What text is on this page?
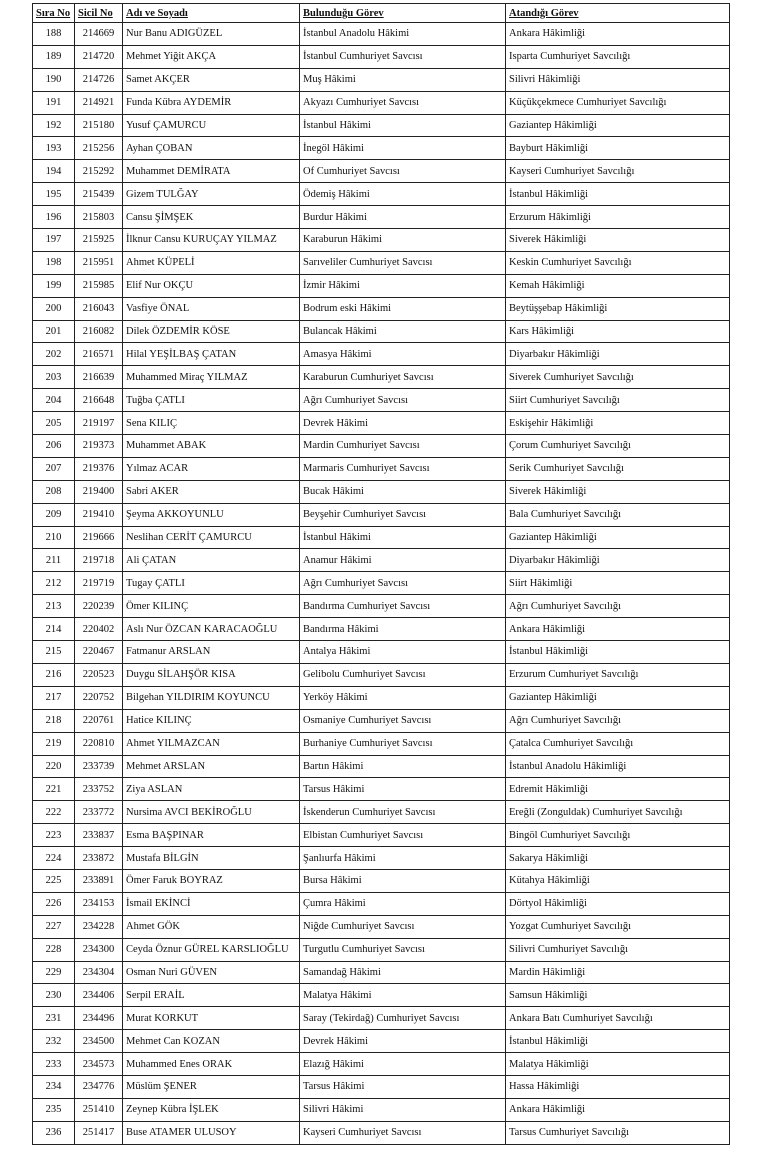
Sıra No	Sicil No	Adı ve Soyadı	Bulunduğu Görev	Atandığı Görev
188	214669	Nur Banu ADIGÜZEL	İstanbul Anadolu Hâkimi	Ankara Hâkimliği
189	214720	Mehmet Yiğit AKÇA	İstanbul Cumhuriyet Savcısı	Isparta Cumhuriyet Savcılığı
190	214726	Samet AKÇER	Muş Hâkimi	Silivri Hâkimliği
191	214921	Funda Kübra AYDEMİR	Akyazı Cumhuriyet Savcısı	Küçükçekmece Cumhuriyet Savcılığı
192	215180	Yusuf ÇAMURCU	İstanbul Hâkimi	Gaziantep Hâkimliği
193	215256	Ayhan ÇOBAN	İnegöl Hâkimi	Bayburt Hâkimliği
194	215292	Muhammet DEMİRATA	Of Cumhuriyet Savcısı	Kayseri Cumhuriyet Savcılığı
195	215439	Gizem TULĞAY	Ödemiş Hâkimi	İstanbul Hâkimliği
196	215803	Cansu ŞİMŞEK	Burdur Hâkimi	Erzurum Hâkimliği
197	215925	İlknur Cansu KURUÇAY YILMAZ	Karaburun Hâkimi	Siverek Hâkimliği
198	215951	Ahmet KÜPELİ	Sarıveliler Cumhuriyet Savcısı	Keskin Cumhuriyet Savcılığı
199	215985	Elif Nur OKÇU	İzmir Hâkimi	Kemah Hâkimliği
200	216043	Vasfiye ÖNAL	Bodrum eski Hâkimi	Beytüşşebap Hâkimliği
201	216082	Dilek ÖZDEMİR KÖSE	Bulancak Hâkimi	Kars Hâkimliği
202	216571	Hilal YEŞİLBAŞ ÇATAN	Amasya Hâkimi	Diyarbakır Hâkimliği
203	216639	Muhammed Miraç YILMAZ	Karaburun Cumhuriyet Savcısı	Siverek Cumhuriyet Savcılığı
204	216648	Tuğba ÇATLI	Ağrı Cumhuriyet Savcısı	Siirt Cumhuriyet Savcılığı
205	219197	Sena KILIÇ	Devrek Hâkimi	Eskişehir Hâkimliği
206	219373	Muhammet ABAK	Mardin Cumhuriyet Savcısı	Çorum Cumhuriyet Savcılığı
207	219376	Yılmaz ACAR	Marmaris Cumhuriyet Savcısı	Serik Cumhuriyet Savcılığı
208	219400	Sabri AKER	Bucak Hâkimi	Siverek Hâkimliği
209	219410	Şeyma AKKOYUNLU	Beyşehir Cumhuriyet Savcısı	Bala Cumhuriyet Savcılığı
210	219666	Neslihan CERİT ÇAMURCU	İstanbul Hâkimi	Gaziantep Hâkimliği
211	219718	Ali ÇATAN	Anamur Hâkimi	Diyarbakır Hâkimliği
212	219719	Tugay ÇATLI	Ağrı Cumhuriyet Savcısı	Siirt Hâkimliği
213	220239	Ömer KILINÇ	Bandırma Cumhuriyet Savcısı	Ağrı Cumhuriyet Savcılığı
214	220402	Aslı Nur ÖZCAN KARACAOĞLU	Bandırma Hâkimi	Ankara Hâkimliği
215	220467	Fatmanur ARSLAN	Antalya Hâkimi	İstanbul Hâkimliği
216	220523	Duygu SİLAHŞÖR KISA	Gelibolu Cumhuriyet Savcısı	Erzurum Cumhuriyet Savcılığı
217	220752	Bilgehan YILDIRIM KOYUNCU	Yerköy Hâkimi	Gaziantep Hâkimliği
218	220761	Hatice KILINÇ	Osmaniye Cumhuriyet Savcısı	Ağrı Cumhuriyet Savcılığı
219	220810	Ahmet YILMAZCAN	Burhaniye Cumhuriyet Savcısı	Çatalca Cumhuriyet Savcılığı
220	233739	Mehmet ARSLAN	Bartın Hâkimi	İstanbul Anadolu Hâkimliği
221	233752	Ziya ASLAN	Tarsus Hâkimi	Edremit Hâkimliği
222	233772	Nursima AVCI BEKİROĞLU	İskenderun Cumhuriyet Savcısı	Ereğli (Zonguldak) Cumhuriyet Savcılığı
223	233837	Esma BAŞPINAR	Elbistan Cumhuriyet Savcısı	Bingöl Cumhuriyet Savcılığı
224	233872	Mustafa BİLGİN	Şanlıurfa Hâkimi	Sakarya Hâkimliği
225	233891	Ömer Faruk BOYRAZ	Bursa Hâkimi	Kütahya Hâkimliği
226	234153	İsmail EKİNCİ	Çumra Hâkimi	Dörtyol Hâkimliği
227	234228	Ahmet GÖK	Niğde Cumhuriyet Savcısı	Yozgat Cumhuriyet Savcılığı
228	234300	Ceyda Öznur GÜREL KARSLIOĞLU	Turgutlu Cumhuriyet Savcısı	Silivri Cumhuriyet Savcılığı
229	234304	Osman Nuri GÜVEN	Samandağ Hâkimi	Mardin Hâkimliği
230	234406	Serpil ERAİL	Malatya Hâkimi	Samsun Hâkimliği
231	234496	Murat KORKUT	Saray (Tekirdağ) Cumhuriyet Savcısı	Ankara Batı Cumhuriyet Savcılığı
232	234500	Mehmet Can KOZAN	Devrek Hâkimi	İstanbul Hâkimliği
233	234573	Muhammed Enes ORAK	Elazığ Hâkimi	Malatya Hâkimliği
234	234776	Müslüm ŞENER	Tarsus Hâkimi	Hassa Hâkimliği
235	251410	Zeynep Kübra İŞLEK	Silivri Hâkimi	Ankara Hâkimliği
236	251417	Buse ATAMER ULUSOY	Kayseri Cumhuriyet Savcısı	Tarsus Cumhuriyet Savcılığı
